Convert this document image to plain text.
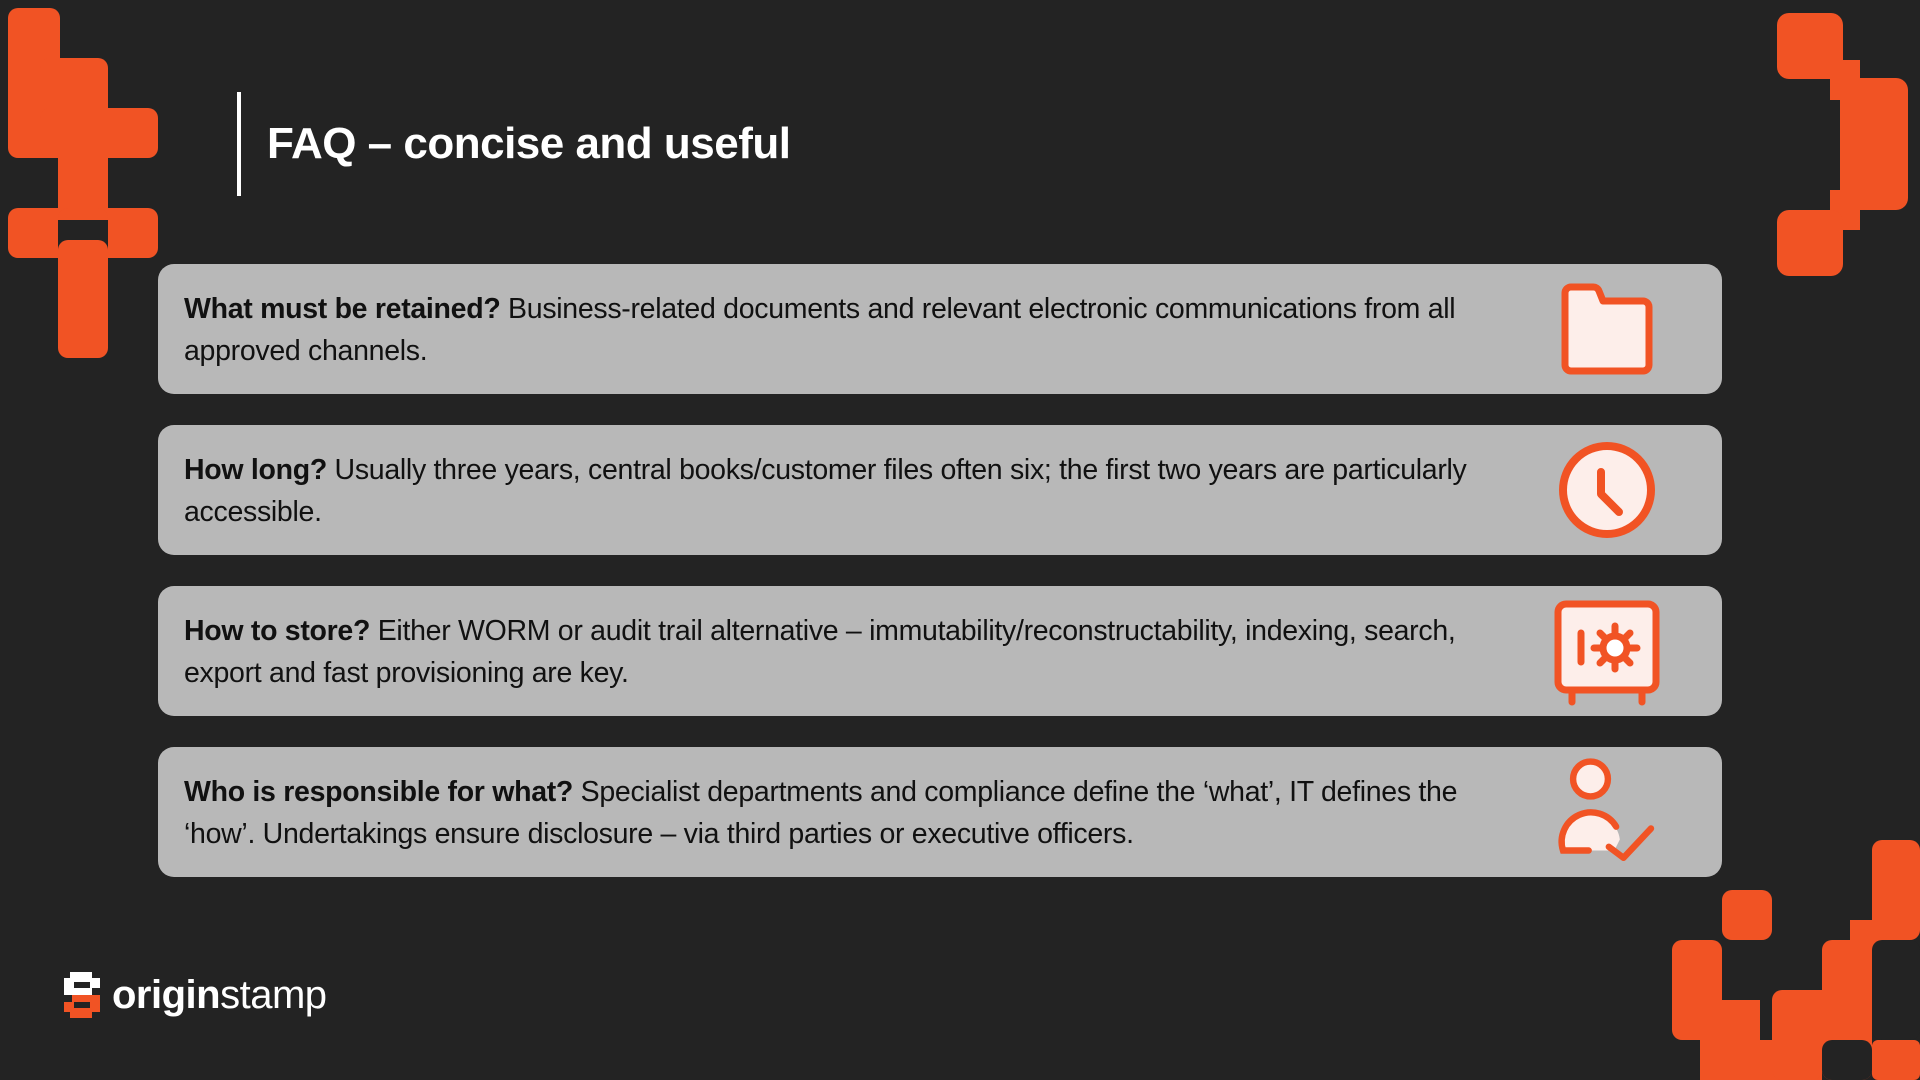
FAQ – concise and useful
What must be retained? Business-related documents and relevant electronic communications from all approved channels.
How long? Usually three years, central books/customer files often six; the first two years are particularly accessible.
How to store? Either WORM or audit trail alternative – immutability/reconstructability, indexing, search, export and fast provisioning are key.
Who is responsible for what? Specialist departments and compliance define the ‘what’, IT defines the ‘how’. Undertakings ensure disclosure – via third parties or executive officers.
originstamp
